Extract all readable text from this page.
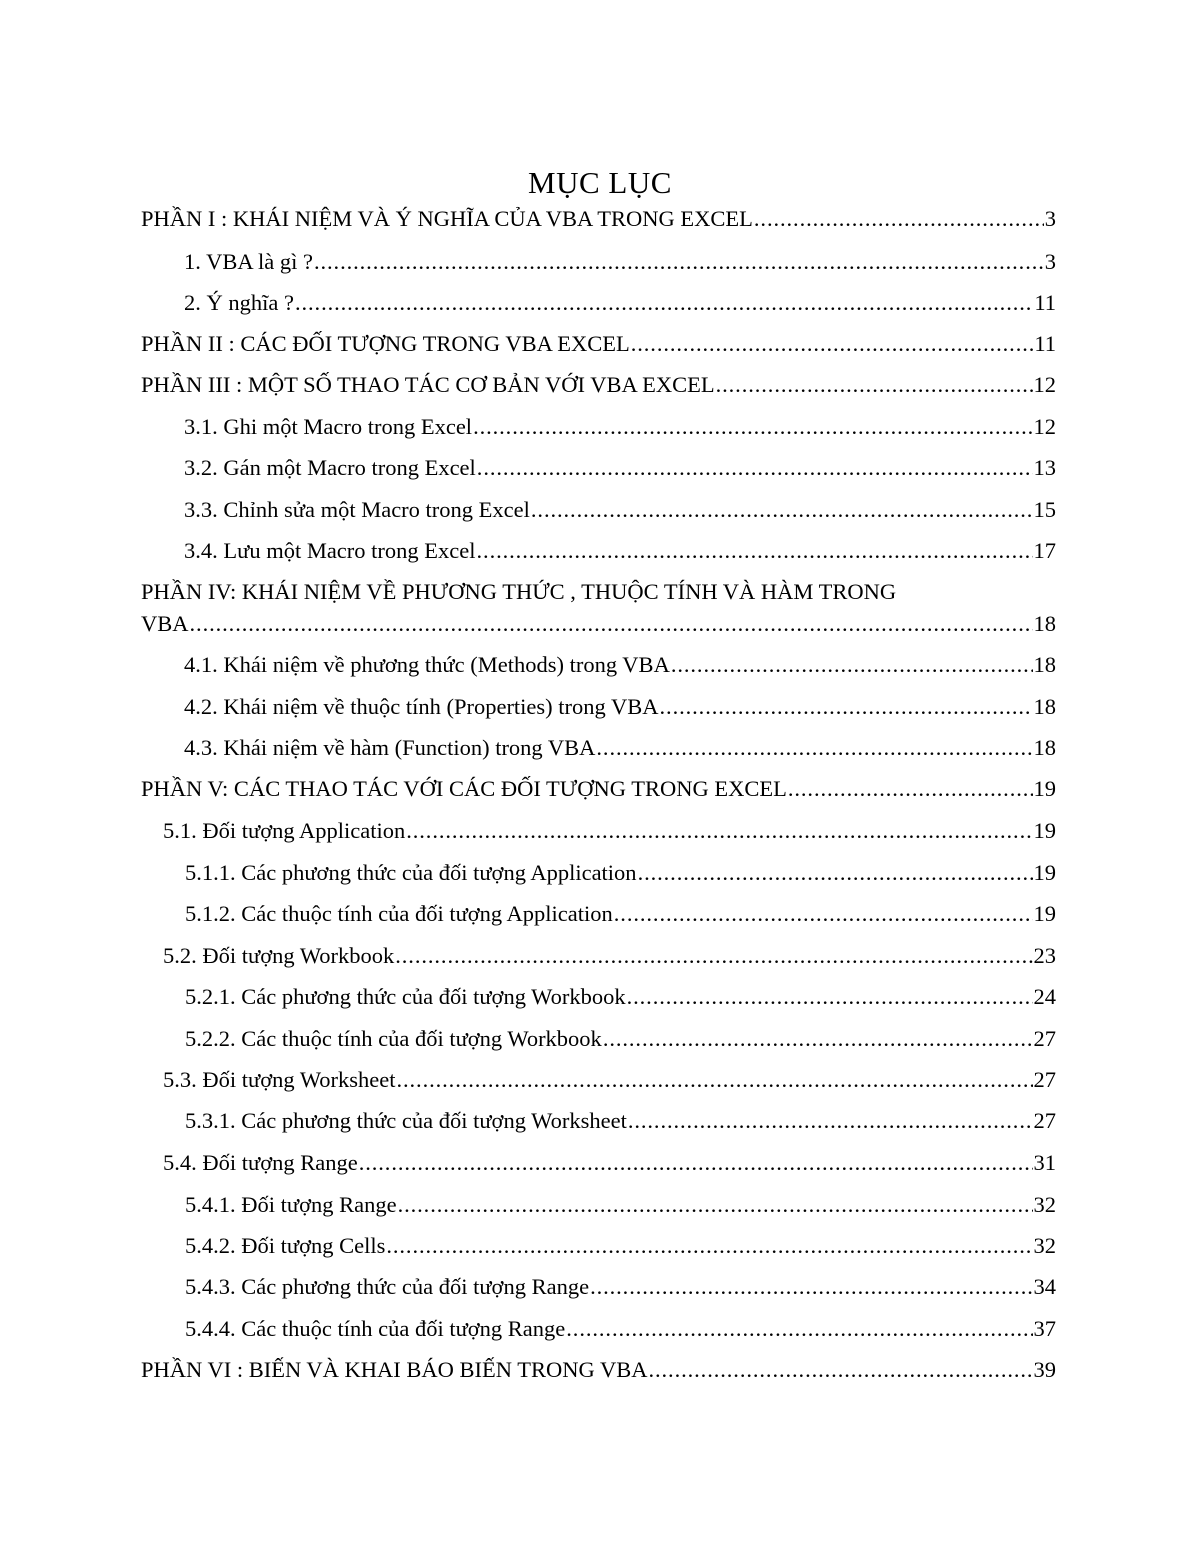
MỤC LỤC
PHẦN I : KHÁI NIỆM VÀ Ý NGHĨA CỦA VBA TRONG EXCEL .....	3
1. VBA là gì ? .....	3
2. Ý nghĩa ? .....	11
PHẦN II : CÁC ĐỐI TƯỢNG TRONG VBA EXCEL .....	11
PHẦN III : MỘT SỐ THAO TÁC CƠ BẢN VỚI VBA EXCEL .....	12
3.1. Ghi một Macro trong Excel .....	12
3.2. Gán một Macro trong Excel .....	13
3.3. Chỉnh sửa một Macro trong Excel .....	15
3.4. Lưu một Macro trong Excel .....	17
PHẦN IV: KHÁI NIỆM VỀ PHƯƠNG THỨC , THUỘC TÍNH VÀ HÀM TRONG
VBA .....	18
4.1. Khái niệm về phương thức (Methods) trong VBA .....	18
4.2. Khái niệm về thuộc tính (Properties) trong VBA .....	18
4.3. Khái niệm về hàm (Function) trong VBA .....	18
PHẦN V: CÁC THAO TÁC VỚI CÁC ĐỐI TƯỢNG TRONG EXCEL .....	19
5.1. Đối tượng Application .....	19
5.1.1. Các phương thức của đối tượng Application .....	19
5.1.2. Các thuộc tính của đối tượng Application .....	19
5.2. Đối tượng Workbook .....	23
5.2.1. Các phương thức của đối tượng Workbook .....	24
5.2.2. Các thuộc tính của đối tượng Workbook .....	27
5.3. Đối tượng Worksheet .....	27
5.3.1. Các phương thức của đối tượng Worksheet .....	27
5.4. Đối tượng Range .....	31
5.4.1. Đối tượng Range .....	32
5.4.2. Đối tượng Cells .....	32
5.4.3. Các phương thức của đối tượng Range .....	34
5.4.4. Các thuộc tính của đối tượng Range .....	37
PHẦN VI : BIẾN VÀ KHAI BÁO BIẾN TRONG VBA .....	39
